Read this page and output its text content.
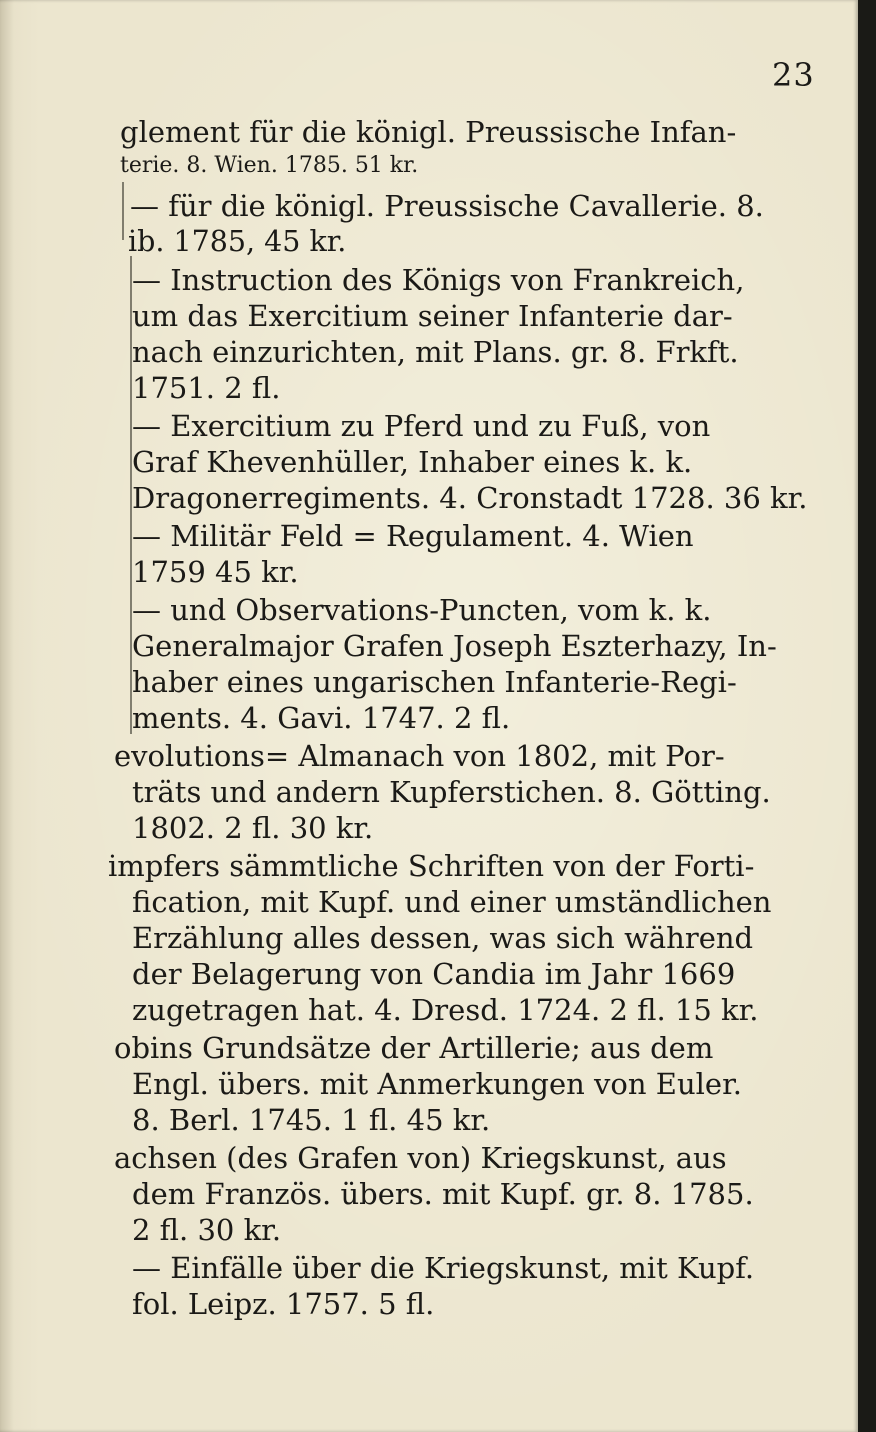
23
glement für die königl. Preussische Infan-
terie. 8. Wien. 1785. 51 kr.
— für die königl. Preussische Cavallerie. 8.
ib. 1785, 45 kr.
— Instruction des Königs von Frankreich,
um das Exercitium seiner Infanterie dar-
nach einzurichten, mit Plans. gr. 8. Frkft.
1751. 2 fl.
— Exercitium zu Pferd und zu Fuß, von
Graf Khevenhüller, Inhaber eines k. k.
Dragonerregiments. 4. Cronstadt 1728. 36 kr.
— Militär Feld = Regulament. 4. Wien
1759 45 kr.
— und Observations-Puncten, vom k. k.
Generalmajor Grafen Joseph Eszterhazy, In-
haber eines ungarischen Infanterie-Regi-
ments. 4. Gavi. 1747. 2 fl.
evolutions= Almanach von 1802, mit Por-
träts und andern Kupferstichen. 8. Götting.
1802. 2 fl. 30 kr.
impfers sämmtliche Schriften von der Forti-
fication, mit Kupf. und einer umständlichen
Erzählung alles dessen, was sich während
der Belagerung von Candia im Jahr 1669
zugetragen hat. 4. Dresd. 1724. 2 fl. 15 kr.
obins Grundsätze der Artillerie; aus dem
Engl. übers. mit Anmerkungen von Euler.
8. Berl. 1745. 1 fl. 45 kr.
achsen (des Grafen von) Kriegskunst, aus
dem Französ. übers. mit Kupf. gr. 8. 1785.
2 fl. 30 kr.
— Einfälle über die Kriegskunst, mit Kupf.
fol. Leipz. 1757. 5 fl.
